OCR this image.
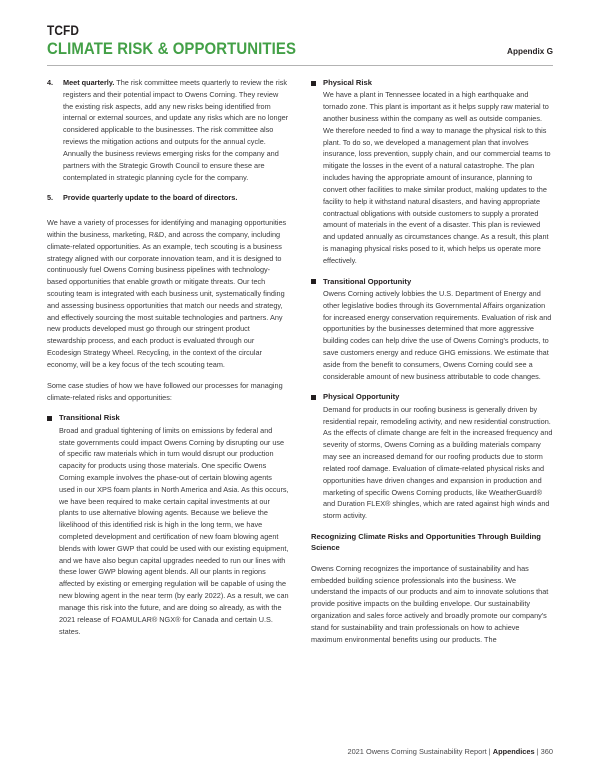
TCFD
CLIMATE RISK & OPPORTUNITIES	Appendix G
4.	Meet quarterly. The risk committee meets quarterly to review the risk registers and their potential impact to Owens Corning. They review the existing risk aspects, add any new risks being identified from internal or external sources, and update any risks which are no longer considered applicable to the businesses. The risk committee also reviews the mitigation actions and outputs for the annual cycle. Annually the business reviews emerging risks for the company and partners with the Strategic Growth Council to ensure these are contemplated in strategic planning cycle for the company.
5.	Provide quarterly update to the board of directors.

We have a variety of processes for identifying and managing opportunities within the business, marketing, R&D, and across the company, including climate-related opportunities. As an example, tech scouting is a business strategy aligned with our corporate innovation team, and it is designed to continuously fuel Owens Corning business pipelines with technology-based opportunities that enable growth or mitigate threats. Our tech scouting team is integrated with each business unit, systematically finding and assessing business opportunities that match our needs and strategy, and effectively sourcing the most suitable technologies and partners. Any new products developed must go through our stringent product stewardship process, and each product is evaluated through our Ecodesign Strategy Wheel. Recycling, in the context of the circular economy, will be a key focus of the tech scouting team.

Some case studies of how we have followed our processes for managing climate-related risks and opportunities:

Transitional Risk

Broad and gradual tightening of limits on emissions by federal and state governments could impact Owens Corning by disrupting our use of specific raw materials which in turn would disrupt our production capacity for products using those materials. One specific Owens Corning example involves the phase-out of certain blowing agents used in our XPS foam plants in North America and Asia. As this occurs, we have been required to make certain capital investments at our plants to use alternative blowing agents. Because we believe the likelihood of this identified risk is high in the long term, we have completed development and certification of new foam blowing agent blends with lower GWP that could be used with our existing equipment, and we have also begun capital upgrades needed to run our lines with these lower GWP blowing agent blends. All our plants in regions affected by existing or emerging regulation will be capable of using the new blowing agent in the near term (by early 2022). As a result, we can manage this risk into the future, and are doing so already, as with the 2021 release of FOAMULAR® NGX® for Canada and certain U.S. states.

Physical Risk

We have a plant in Tennessee located in a high earthquake and tornado zone. This plant is important as it helps supply raw material to another business within the company as well as outside companies. We therefore needed to find a way to manage the physical risk to this plant. To do so, we developed a management plan that involves insurance, loss prevention, supply chain, and our commercial teams to mitigate the losses in the event of a natural catastrophe. The plan includes having the appropriate amount of insurance, planning to convert other facilities to make similar product, making updates to the facility to help it withstand natural disasters, and having appropriate contractual obligations with outside customers to supply a prorated amount of materials in the event of a disaster. This plan is reviewed and updated annually as circumstances change. As a result, this plant is managing physical risks posed to it, which helps us operate more effectively.

Transitional Opportunity

Owens Corning actively lobbies the U.S. Department of Energy and other legislative bodies through its Governmental Affairs organization for increased energy conservation requirements. Evaluation of risk and opportunities by the businesses determined that more aggressive building codes can help drive the use of Owens Corning's products, to save customers energy and reduce GHG emissions. We estimate that aside from the benefit to consumers, Owens Corning could see a considerable amount of new business attributable to code changes.

Physical Opportunity

Demand for products in our roofing business is generally driven by residential repair, remodeling activity, and new residential construction. As the effects of climate change are felt in the increased frequency and severity of storms, Owens Corning as a building materials company may see an increased demand for our roofing products due to storm related roof damage. Evaluation of climate-related physical risks and opportunities have driven changes and expansion in production and marketing of specific Owens Corning products, like WeatherGuard® and Duration FLEX® shingles, which are rated against high winds and storm activity.

Recognizing Climate Risks and Opportunities Through Building Science

Owens Corning recognizes the importance of sustainability and has embedded building science professionals into the business. We understand the impacts of our products and aim to innovate solutions that provide positive impacts on the building envelope. Our sustainability organization and sales force actively and broadly promote our company's stand for sustainability and train professionals on how to achieve maximum environmental benefits using our products. The

2021 Owens Corning Sustainability Report | Appendices | 360
